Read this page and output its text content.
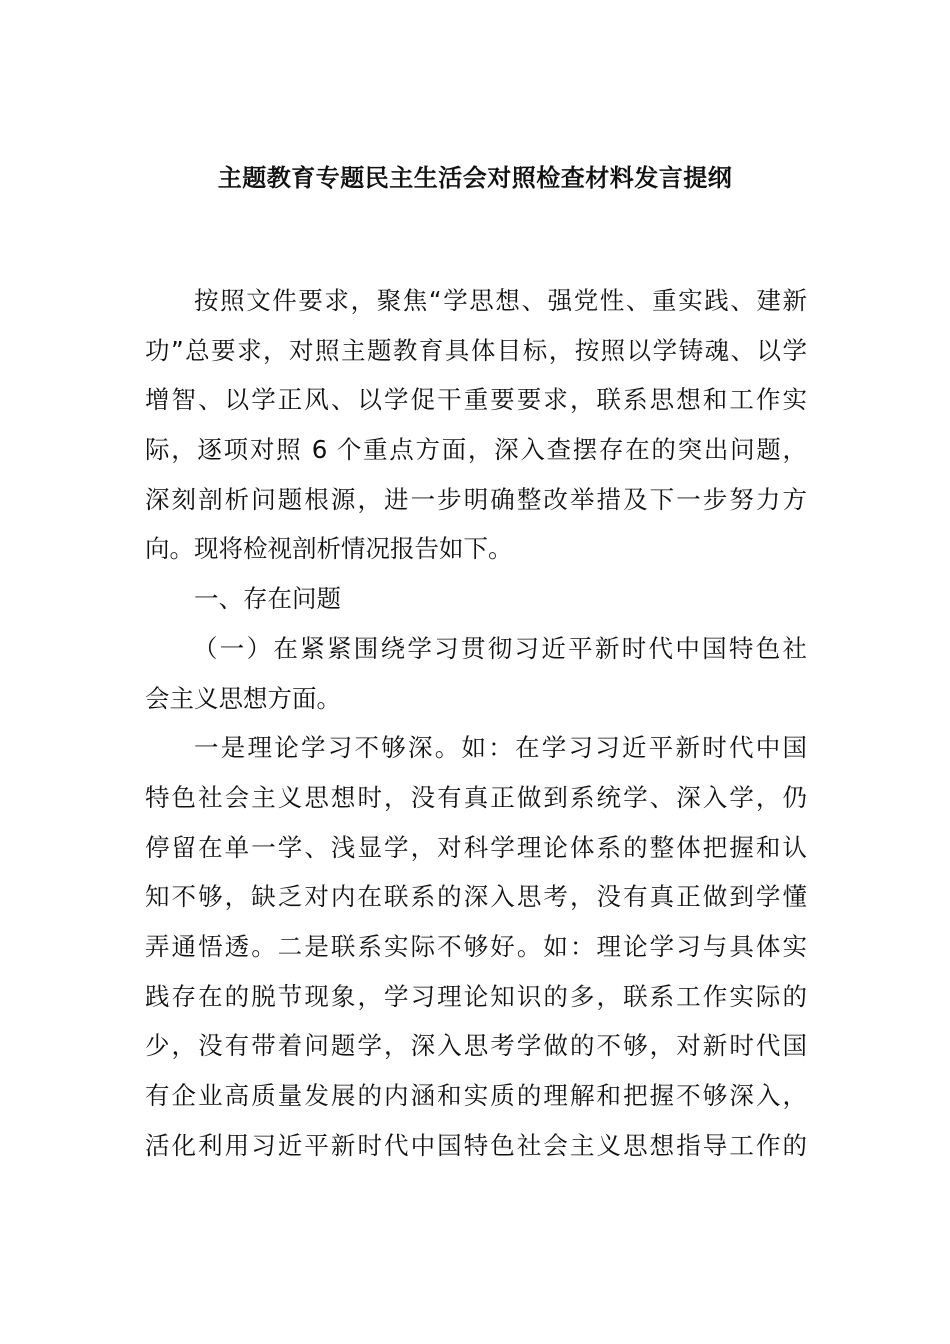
主题教育专题民主生活会对照检查材料发言提纲
按照文件要求，聚焦“学思想、强党性、重实践、建新
功”总要求，对照主题教育具体目标，按照以学铸魂、以学
增智、以学正风、以学促干重要要求，联系思想和工作实
际，逐项对照 6 个重点方面，深入查摆存在的突出问题，
深刻剖析问题根源，进一步明确整改举措及下一步努力方
向。现将检视剖析情况报告如下。
一、存在问题
（一）在紧紧围绕学习贯彻习近平新时代中国特色社
会主义思想方面。
一是理论学习不够深。如：在学习习近平新时代中国
特色社会主义思想时，没有真正做到系统学、深入学，仍
停留在单一学、浅显学，对科学理论体系的整体把握和认
知不够，缺乏对内在联系的深入思考，没有真正做到学懂
弄通悟透。二是联系实际不够好。如：理论学习与具体实
践存在的脱节现象，学习理论知识的多，联系工作实际的
少，没有带着问题学，深入思考学做的不够，对新时代国
有企业高质量发展的内涵和实质的理解和把握不够深入，
活化利用习近平新时代中国特色社会主义思想指导工作的
